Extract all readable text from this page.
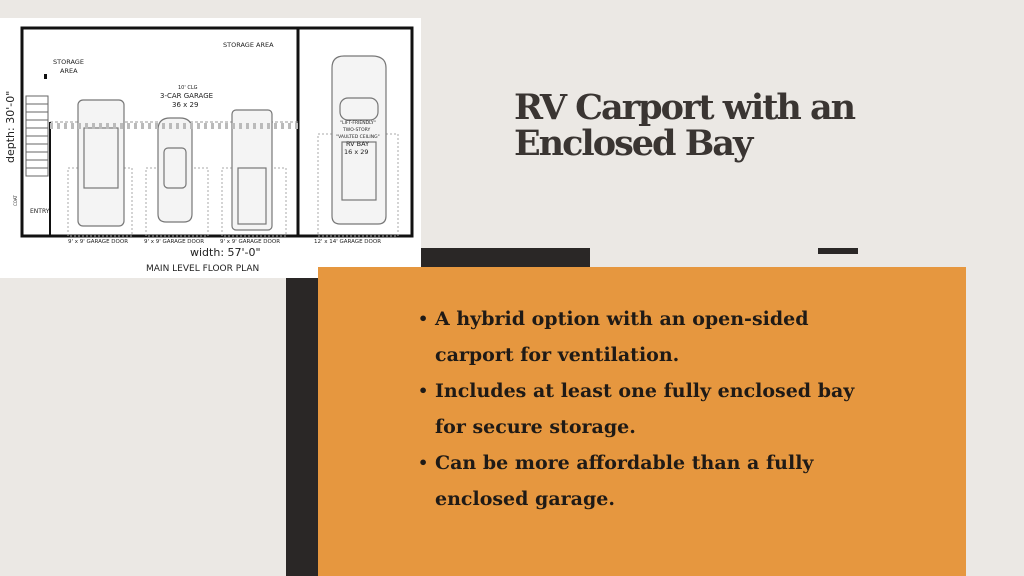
STORAGE
AREA
STORAGE AREA
10' CLG
3-CAR GARAGE
36 x 29
"LIFT-FRIENDLY"
TWO-STORY
"VAULTED CEILING"
RV BAY
16 x 29
ENTRY
COAT
9' x 9' GARAGE DOOR	9' x 9' GARAGE DOOR	9' x 9' GARAGE DOOR	12' x 14' GARAGE DOOR
width: 57'-0"
MAIN LEVEL FLOOR PLAN
depth: 30'-0"	RV Carport with an Enclosed Bay
• A hybrid option with an open-sided carport for ventilation.
• Includes at least one fully enclosed bay for secure storage.
• Can be more affordable than a fully enclosed garage.
